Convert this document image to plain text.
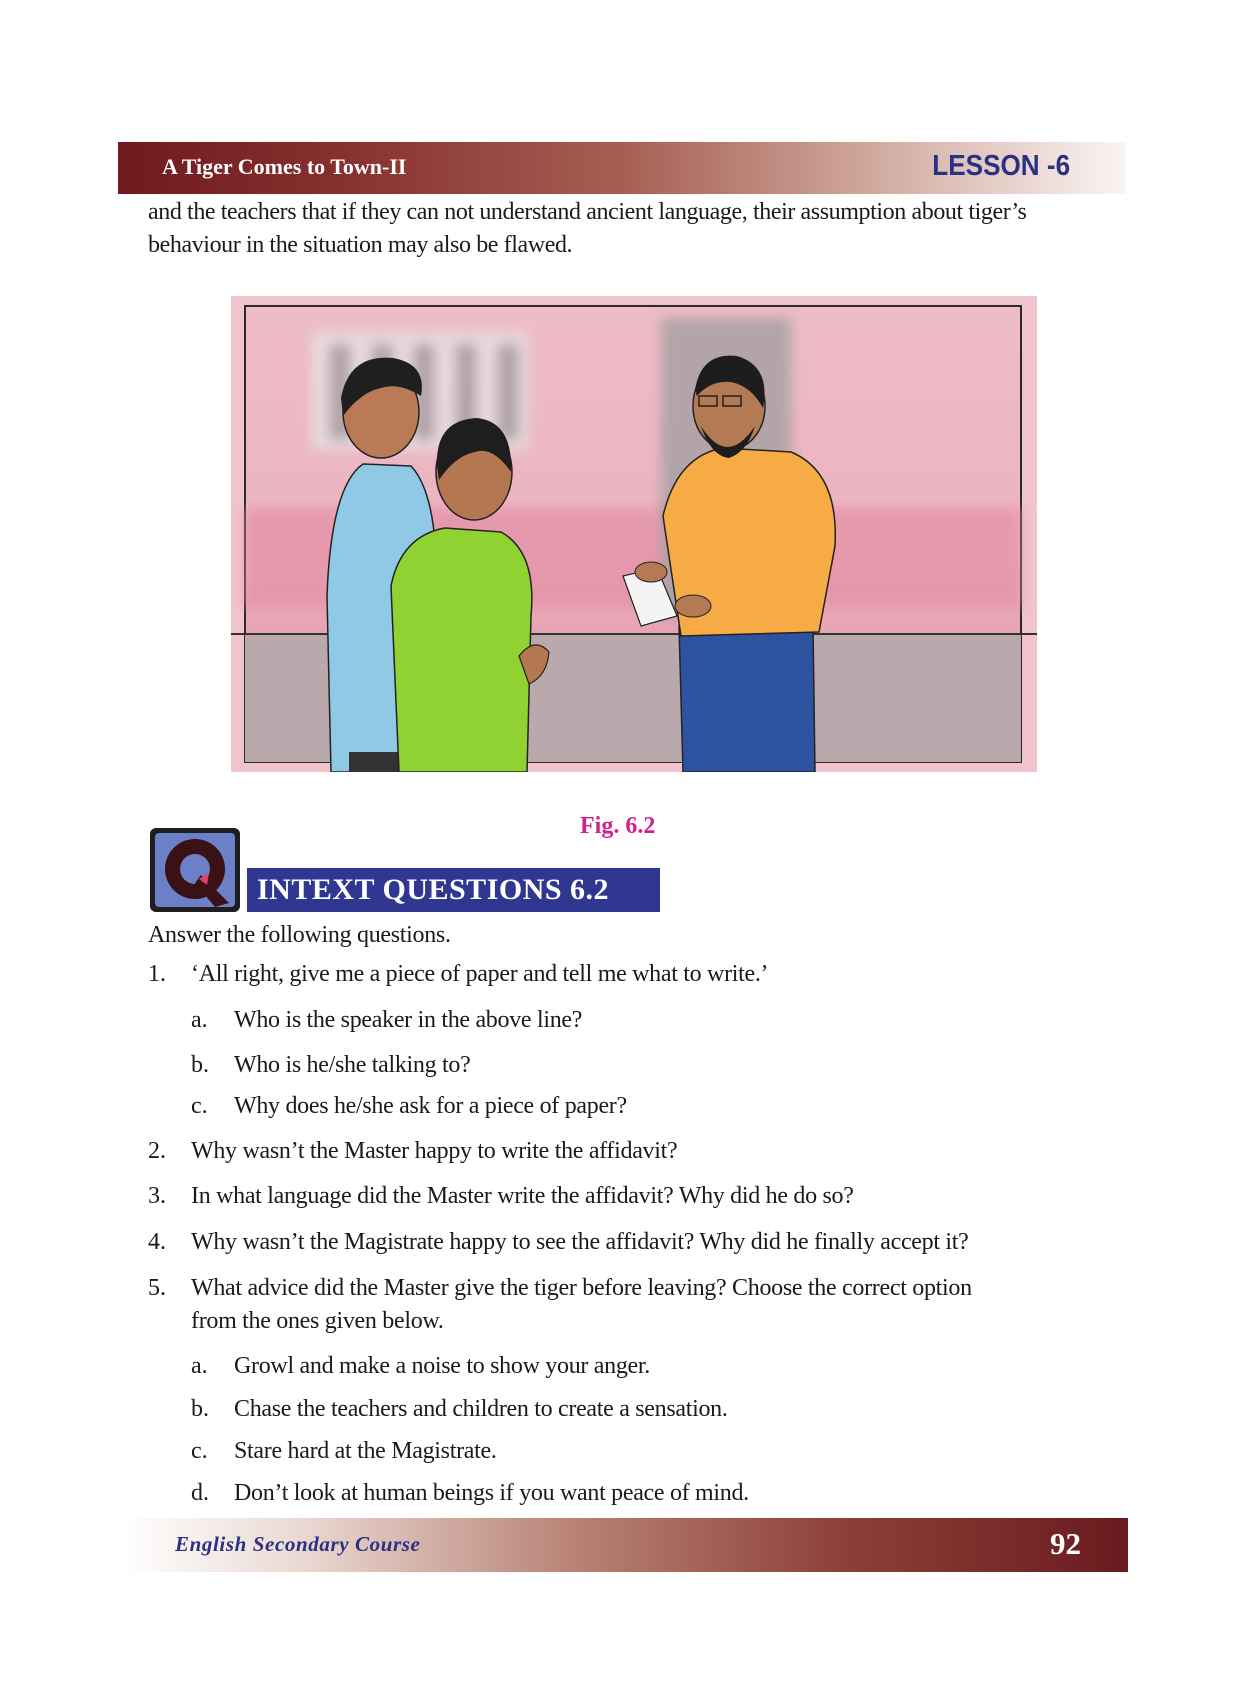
A Tiger Comes to Town-II	LESSON -6
and the teachers that if they can not understand ancient language, their assumption about tiger’s behaviour in the situation may also be flawed.
Fig. 6.2
Q INTEXT QUESTIONS 6.2
Answer the following questions.
1. ‘All right, give me a piece of paper and tell me what to write.’
a. Who is the speaker in the above line?
b. Who is he/she talking to?
c. Why does he/she ask for a piece of paper?
2. Why wasn’t the Master happy to write the affidavit?
3. In what language did the Master write the affidavit? Why did he do so?
4. Why wasn’t the Magistrate happy to see the affidavit? Why did he finally accept it?
5. What advice did the Master give the tiger before leaving? Choose the correct option
from the ones given below.
a. Growl and make a noise to show your anger.
b. Chase the teachers and children to create a sensation.
c. Stare hard at the Magistrate.
d. Don’t look at human beings if you want peace of mind.
English Secondary Course	92
